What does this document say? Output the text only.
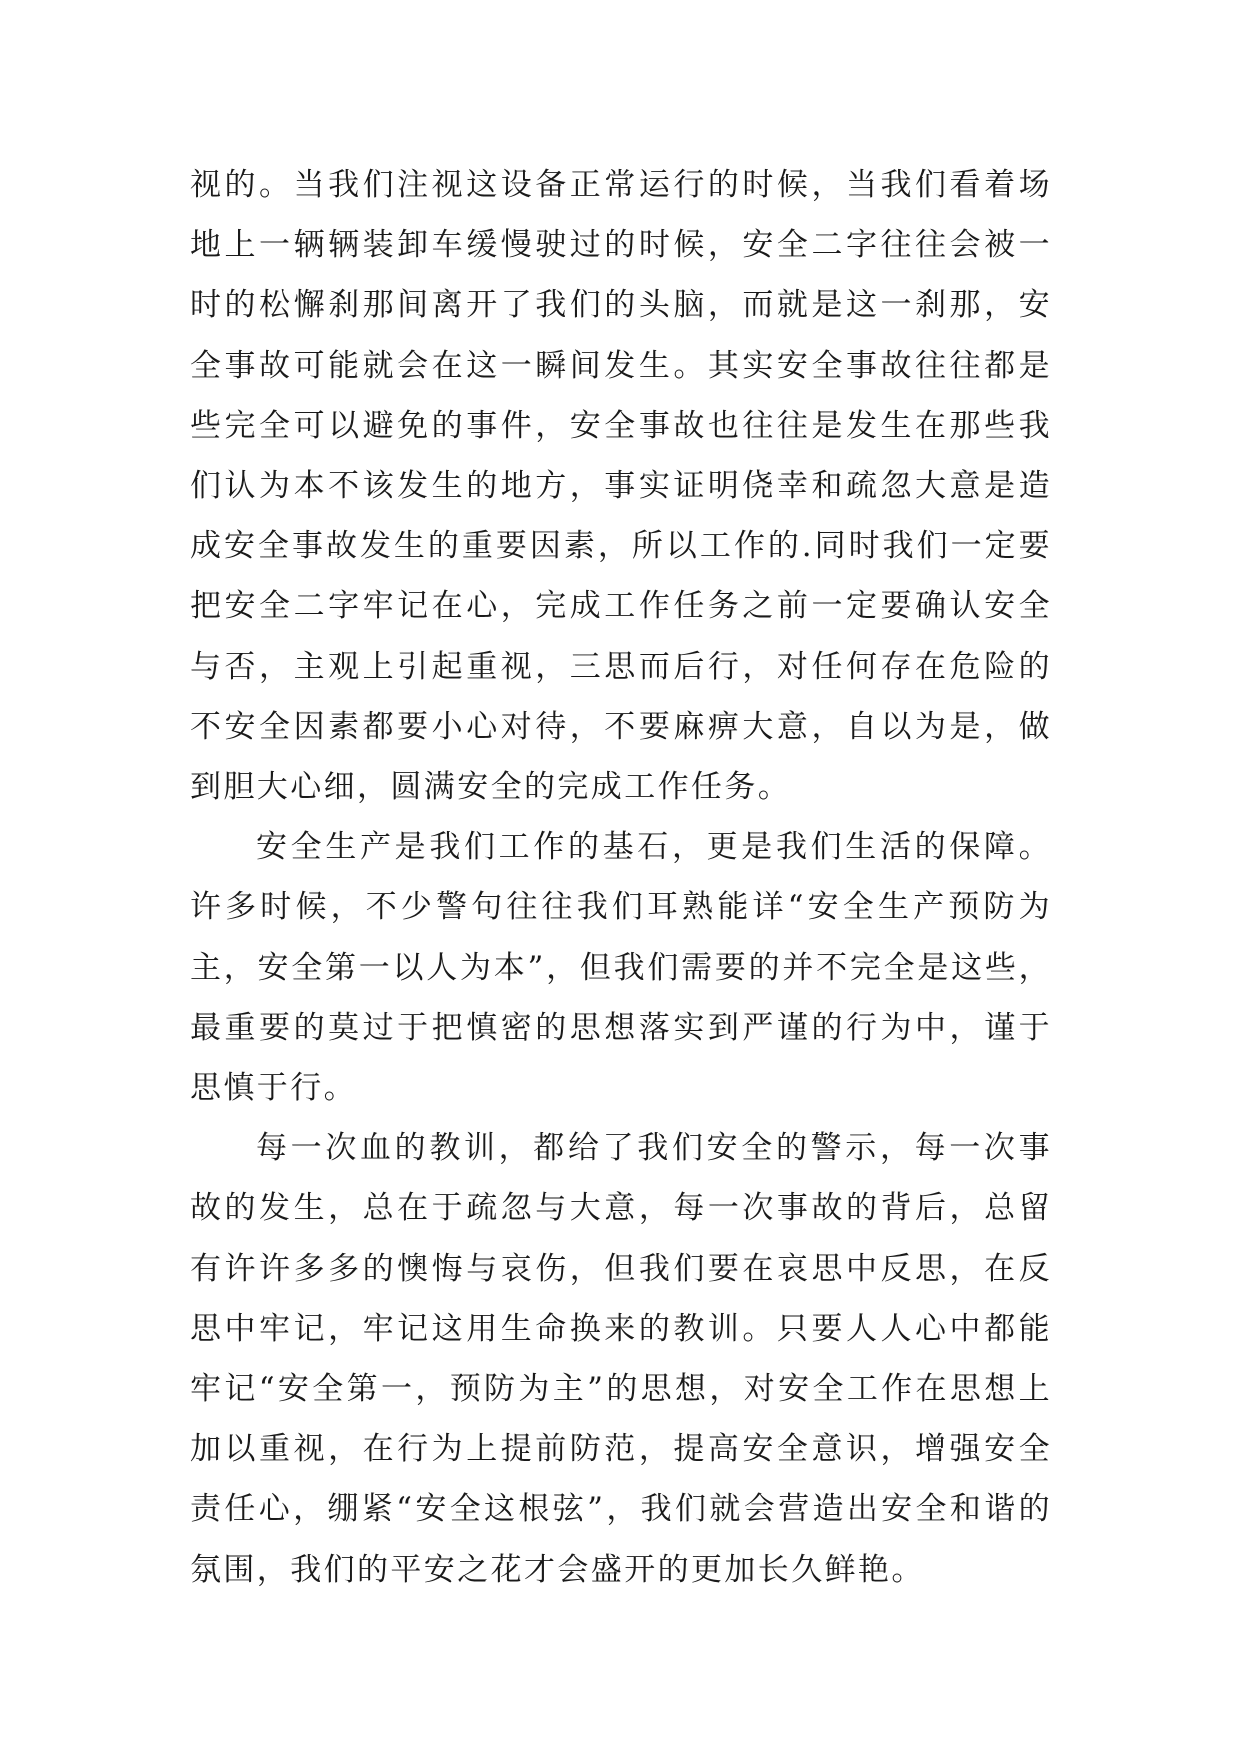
视的。当我们注视这设备正常运行的时候，当我们看着场地上一辆辆装卸车缓慢驶过的时候，安全二字往往会被一时的松懈刹那间离开了我们的头脑，而就是这一刹那，安全事故可能就会在这一瞬间发生。其实安全事故往往都是些完全可以避免的事件，安全事故也往往是发生在那些我们认为本不该发生的地方，事实证明侥幸和疏忽大意是造成安全事故发生的重要因素，所以工作的.同时我们一定要把安全二字牢记在心，完成工作任务之前一定要确认安全与否，主观上引起重视，三思而后行，对任何存在危险的不安全因素都要小心对待，不要麻痹大意，自以为是，做到胆大心细，圆满安全的完成工作任务。

安全生产是我们工作的基石，更是我们生活的保障。许多时候，不少警句往往我们耳熟能详“安全生产预防为主，安全第一以人为本”，但我们需要的并不完全是这些，最重要的莫过于把慎密的思想落实到严谨的行为中，谨于思慎于行。

每一次血的教训，都给了我们安全的警示，每一次事故的发生，总在于疏忽与大意，每一次事故的背后，总留有许许多多的懊悔与哀伤，但我们要在哀思中反思，在反思中牢记，牢记这用生命换来的教训。只要人人心中都能牢记“安全第一，预防为主”的思想，对安全工作在思想上加以重视，在行为上提前防范，提高安全意识，增强安全责任心，绷紧“安全这根弦”，我们就会营造出安全和谐的氛围，我们的平安之花才会盛开的更加长久鲜艳。
